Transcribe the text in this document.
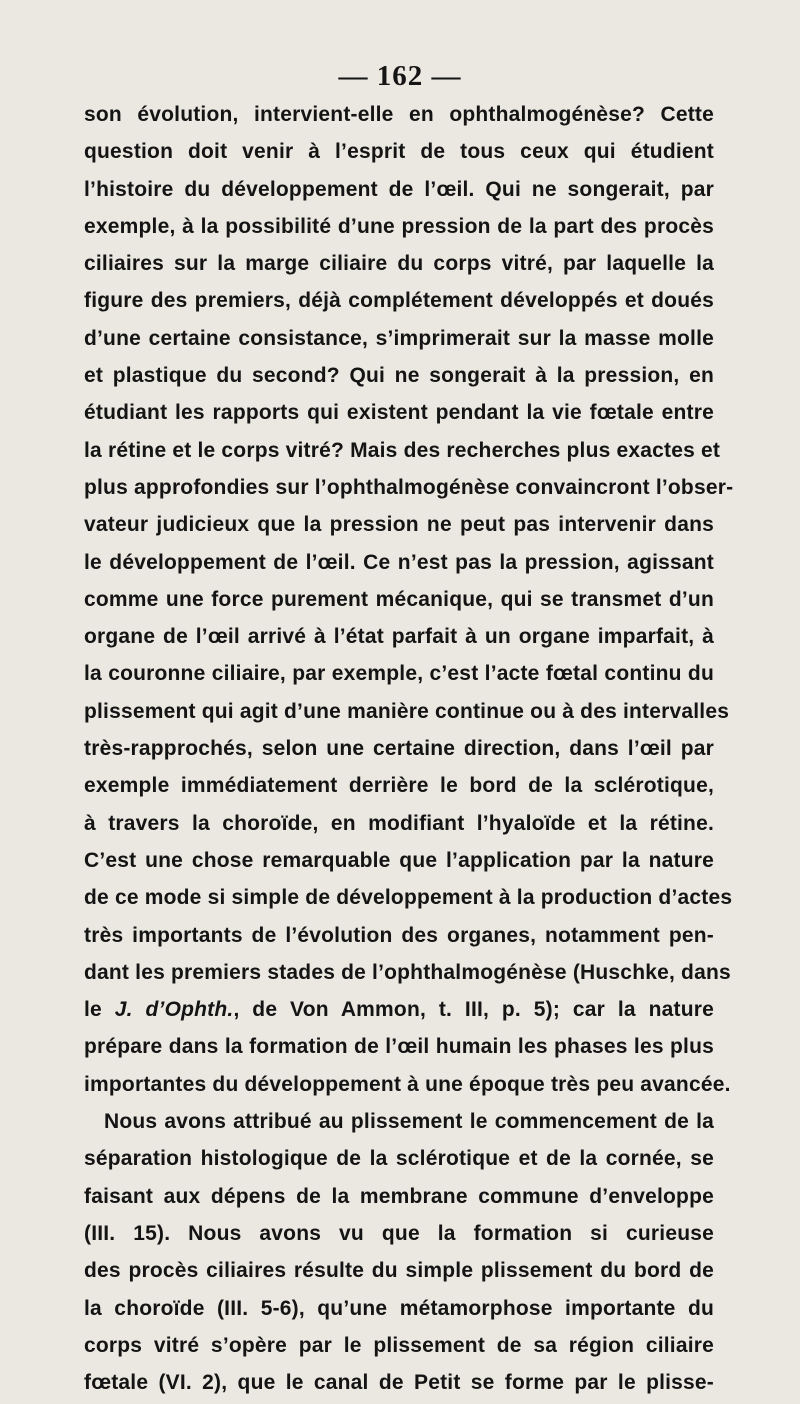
— 162 —
son évolution, intervient-elle en ophthalmogénèse? Cette
question doit venir à l’esprit de tous ceux qui étudient
l’histoire du développement de l’œil. Qui ne songerait, par
exemple, à la possibilité d’une pression de la part des procès
ciliaires sur la marge ciliaire du corps vitré, par laquelle la
figure des premiers, déjà complétement développés et doués
d’une certaine consistance, s’imprimerait sur la masse molle
et plastique du second? Qui ne songerait à la pression, en
étudiant les rapports qui existent pendant la vie fœtale entre
la rétine et le corps vitré? Mais des recherches plus exactes et
plus approfondies sur l’ophthalmogénèse convaincront l’obser-
vateur judicieux que la pression ne peut pas intervenir dans
le développement de l’œil. Ce n’est pas la pression, agissant
comme une force purement mécanique, qui se transmet d’un
organe de l’œil arrivé à l’état parfait à un organe imparfait, à
la couronne ciliaire, par exemple, c’est l’acte fœtal continu du
plissement qui agit d’une manière continue ou à des intervalles
très-rapprochés, selon une certaine direction, dans l’œil par
exemple immédiatement derrière le bord de la sclérotique,
à travers la choroïde, en modifiant l’hyaloïde et la rétine.
C’est une chose remarquable que l’application par la nature
de ce mode si simple de développement à la production d’actes
très importants de l’évolution des organes, notamment pen-
dant les premiers stades de l’ophthalmogénèse (Huschke, dans
le J. d’Ophth., de Von Ammon, t. III, p. 5); car la nature
prépare dans la formation de l’œil humain les phases les plus
importantes du développement à une époque très peu avancée.
Nous avons attribué au plissement le commencement de la
séparation histologique de la sclérotique et de la cornée, se
faisant aux dépens de la membrane commune d’enveloppe
(III. 15). Nous avons vu que la formation si curieuse
des procès ciliaires résulte du simple plissement du bord de
la choroïde (III. 5-6), qu’une métamorphose importante du
corps vitré s’opère par le plissement de sa région ciliaire
fœtale (VI. 2), que le canal de Petit se forme par le plisse-
